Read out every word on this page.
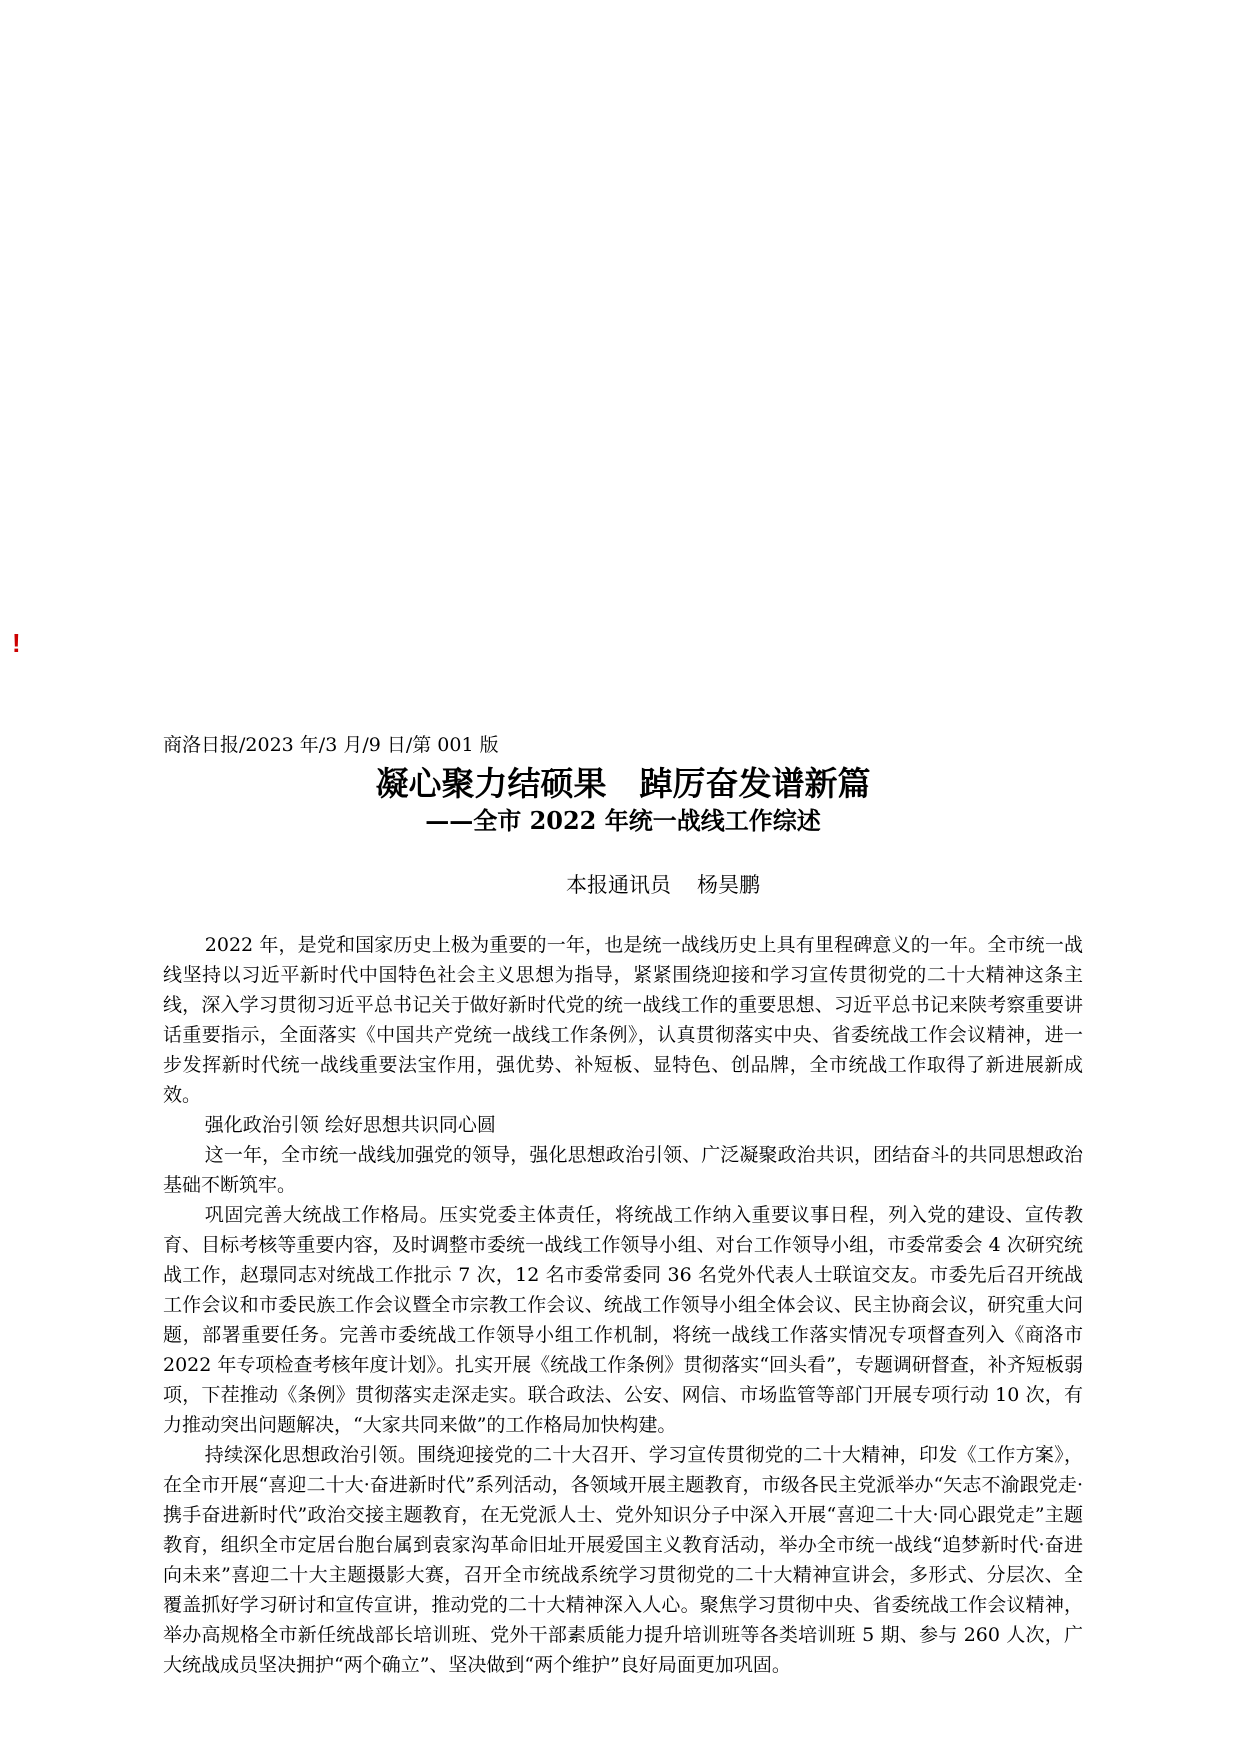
!

商洛日报/2023 年/3 月/9 日/第 001 版

凝心聚力结硕果　踔厉奋发谱新篇
——全市 2022 年统一战线工作综述
本报通讯员 杨昊鹏

2022 年，是党和国家历史上极为重要的一年，也是统一战线历史上具有里程碑意义的一年。全市统一战线坚持以习近平新时代中国特色社会主义思想为指导，紧紧围绕迎接和学习宣传贯彻党的二十大精神这条主线，深入学习贯彻习近平总书记关于做好新时代党的统一战线工作的重要思想、习近平总书记来陕考察重要讲话重要指示，全面落实《中国共产党统一战线工作条例》，认真贯彻落实中央、省委统战工作会议精神，进一步发挥新时代统一战线重要法宝作用，强优势、补短板、显特色、创品牌，全市统战工作取得了新进展新成效。

强化政治引领 绘好思想共识同心圆

这一年，全市统一战线加强党的领导，强化思想政治引领、广泛凝聚政治共识，团结奋斗的共同思想政治基础不断筑牢。

巩固完善大统战工作格局。压实党委主体责任，将统战工作纳入重要议事日程，列入党的建设、宣传教育、目标考核等重要内容，及时调整市委统一战线工作领导小组、对台工作领导小组，市委常委会 4 次研究统战工作，赵璟同志对统战工作批示 7 次，12 名市委常委同 36 名党外代表人士联谊交友。市委先后召开统战工作会议和市委民族工作会议暨全市宗教工作会议、统战工作领导小组全体会议、民主协商会议，研究重大问题，部署重要任务。完善市委统战工作领导小组工作机制，将统一战线工作落实情况专项督查列入《商洛市 2022 年专项检查考核年度计划》。扎实开展《统战工作条例》贯彻落实“回头看”，专题调研督查，补齐短板弱项，下茬推动《条例》贯彻落实走深走实。联合政法、公安、网信、市场监管等部门开展专项行动 10 次，有力推动突出问题解决，“大家共同来做”的工作格局加快构建。

持续深化思想政治引领。围绕迎接党的二十大召开、学习宣传贯彻党的二十大精神，印发《工作方案》，在全市开展“喜迎二十大·奋进新时代”系列活动，各领域开展主题教育，市级各民主党派举办“矢志不渝跟党走·携手奋进新时代”政治交接主题教育，在无党派人士、党外知识分子中深入开展“喜迎二十大·同心跟党走”主题教育，组织全市定居台胞台属到袁家沟革命旧址开展爱国主义教育活动，举办全市统一战线“追梦新时代·奋进向未来”喜迎二十大主题摄影大赛，召开全市统战系统学习贯彻党的二十大精神宣讲会，多形式、分层次、全覆盖抓好学习研讨和宣传宣讲，推动党的二十大精神深入人心。聚焦学习贯彻中央、省委统战工作会议精神，举办高规格全市新任统战部长培训班、党外干部素质能力提升培训班等各类培训班 5 期、参与 260 人次，广大统战成员坚决拥护“两个确立”、坚决做到“两个维护”良好局面更加巩固。
